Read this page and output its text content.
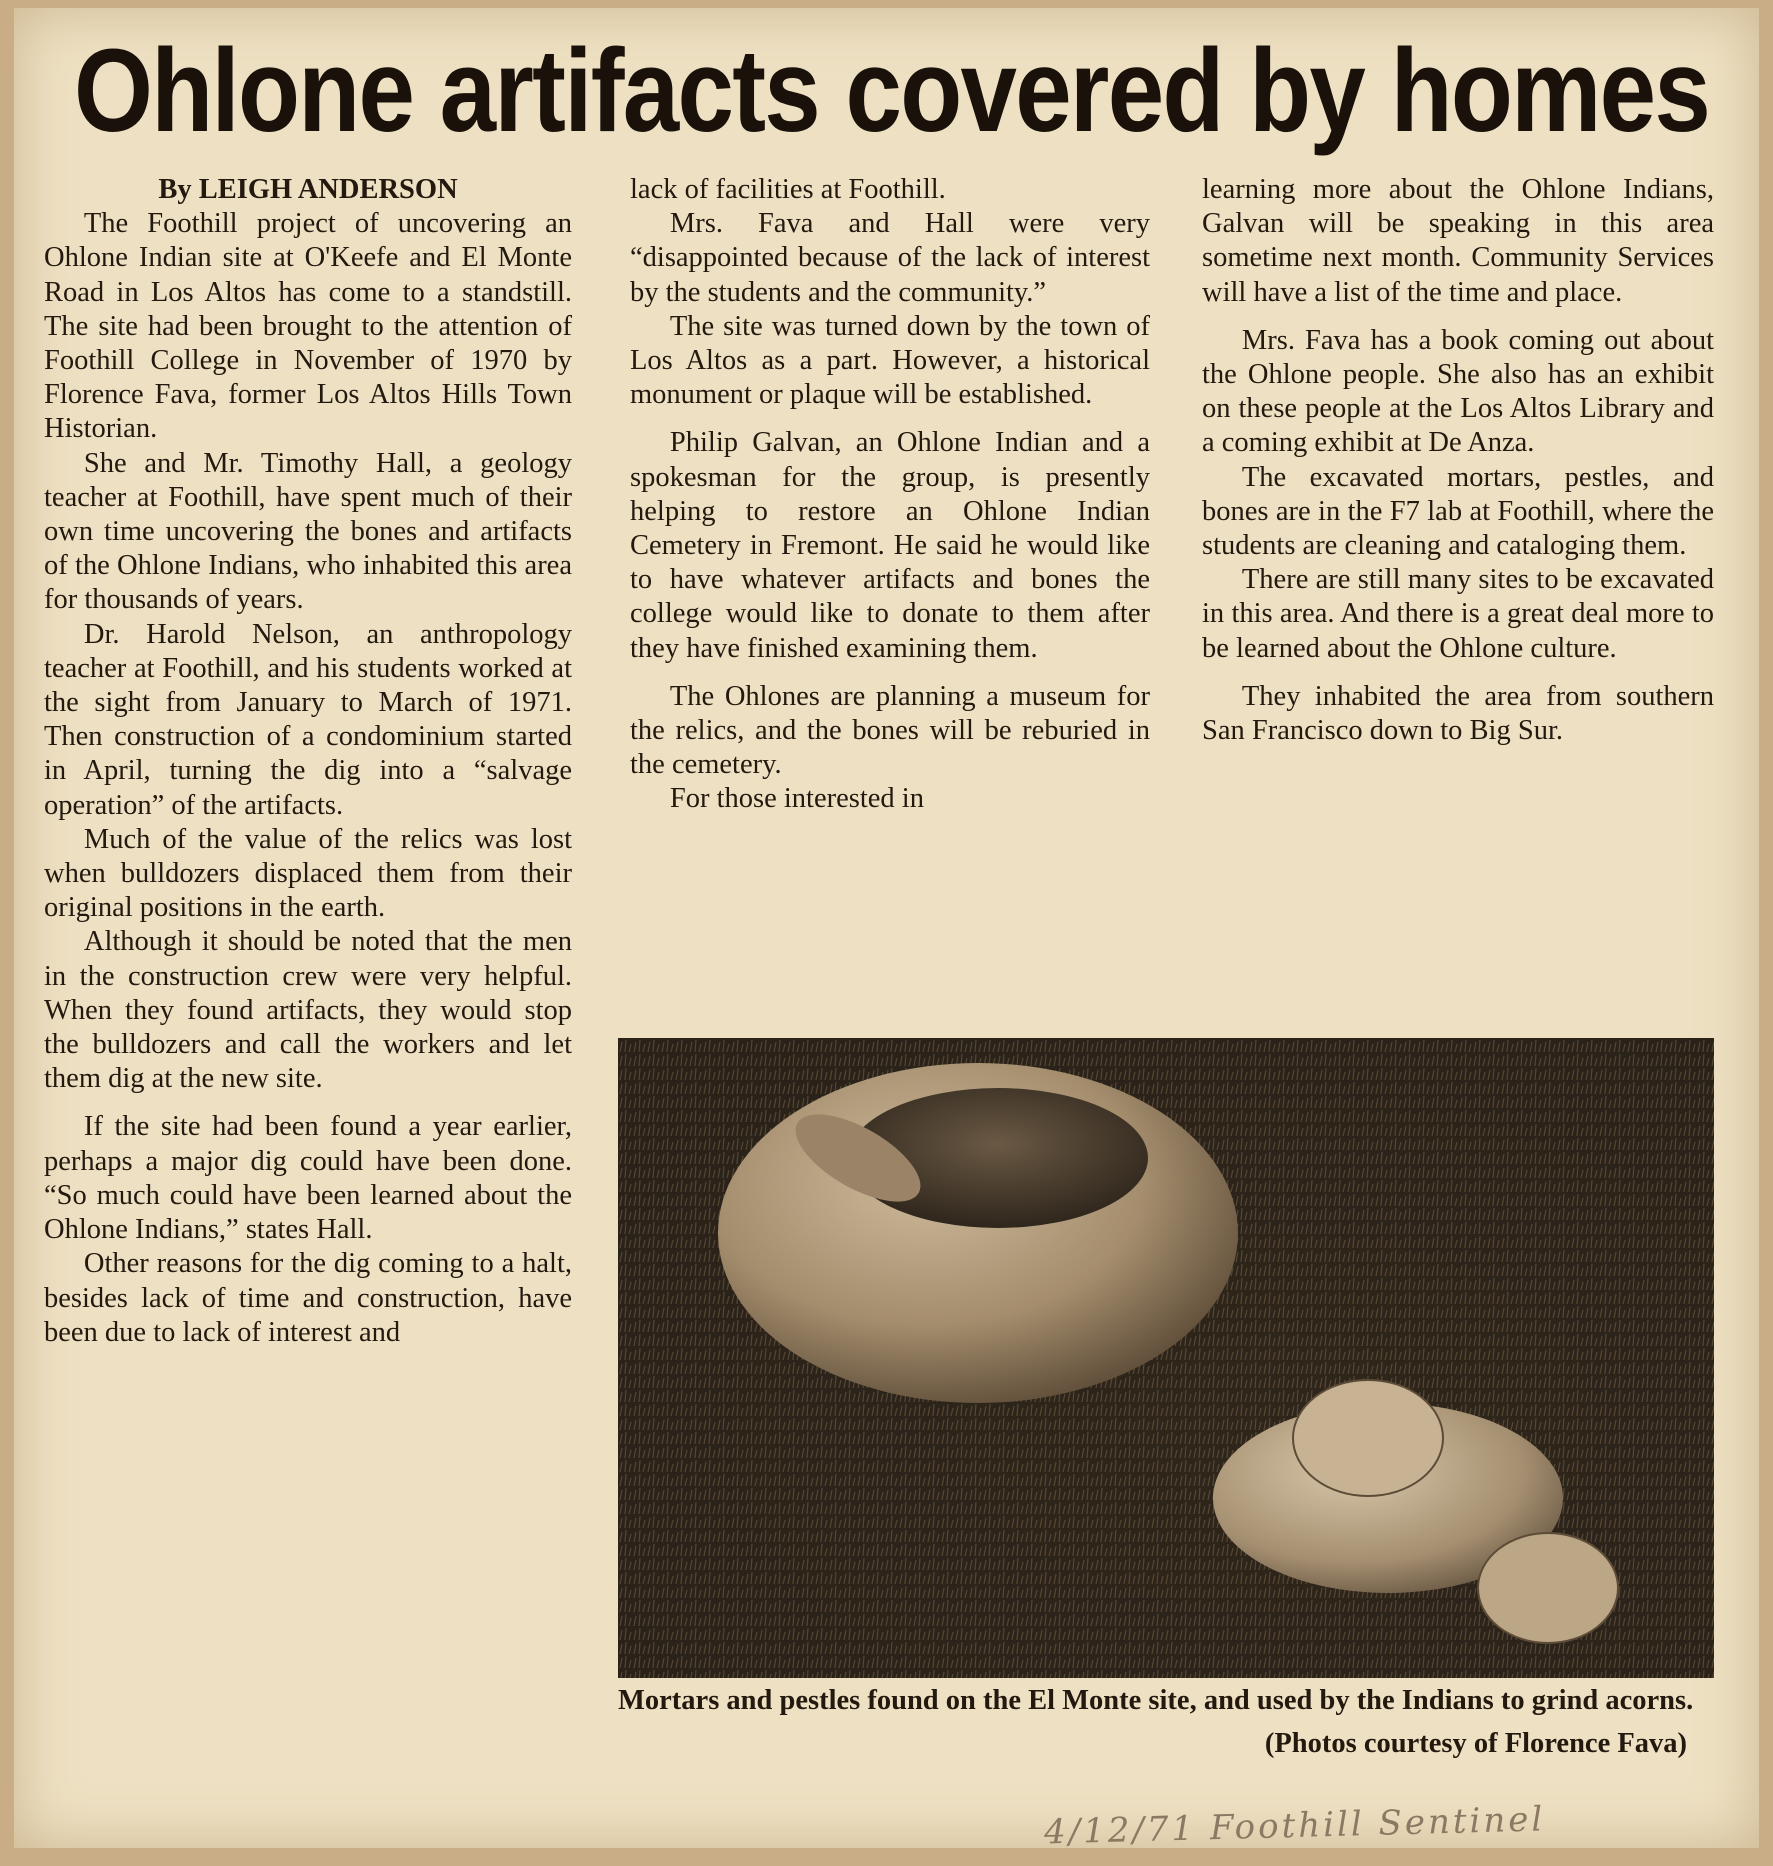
Ohlone artifacts covered by homes

By LEIGH ANDERSON

The Foothill project of uncovering an Ohlone Indian site at O'Keefe and El Monte Road in Los Altos has come to a standstill. The site had been brought to the attention of Foothill College in November of 1970 by Florence Fava, former Los Altos Hills Town Historian.

She and Mr. Timothy Hall, a geology teacher at Foothill, have spent much of their own time uncovering the bones and artifacts of the Ohlone Indians, who inhabited this area for thousands of years.

Dr. Harold Nelson, an anthropology teacher at Foothill, and his students worked at the sight from January to March of 1971. Then construction of a condominium started in April, turning the dig into a “salvage operation” of the artifacts.

Much of the value of the relics was lost when bulldozers displaced them from their original positions in the earth.

Although it should be noted that the men in the construction crew were very helpful. When they found artifacts, they would stop the bulldozers and call the workers and let them dig at the new site.

If the site had been found a year earlier, perhaps a major dig could have been done. “So much could have been learned about the Ohlone Indians,” states Hall.

Other reasons for the dig coming to a halt, besides lack of time and construction, have been due to lack of interest and

lack of facilities at Foothill.

Mrs. Fava and Hall were very “disappointed because of the lack of interest by the students and the community.”

The site was turned down by the town of Los Altos as a part. However, a historical monument or plaque will be established.

Philip Galvan, an Ohlone Indian and a spokesman for the group, is presently helping to restore an Ohlone Indian Cemetery in Fremont. He said he would like to have whatever artifacts and bones the college would like to donate to them after they have finished examining them.

The Ohlones are planning a museum for the relics, and the bones will be reburied in the cemetery.

For those interested in

learning more about the Ohlone Indians, Galvan will be speaking in this area sometime next month. Community Services will have a list of the time and place.

Mrs. Fava has a book coming out about the Ohlone people. She also has an exhibit on these people at the Los Altos Library and a coming exhibit at De Anza.

The excavated mortars, pestles, and bones are in the F7 lab at Foothill, where the students are cleaning and cataloging them.

There are still many sites to be excavated in this area. And there is a great deal more to be learned about the Ohlone culture.

They inhabited the area from southern San Francisco down to Big Sur.

Mortars and pestles found on the El Monte site, and used by the Indians to grind acorns.
(Photos courtesy of Florence Fava)
4/12/71 Foothill Sentinel
